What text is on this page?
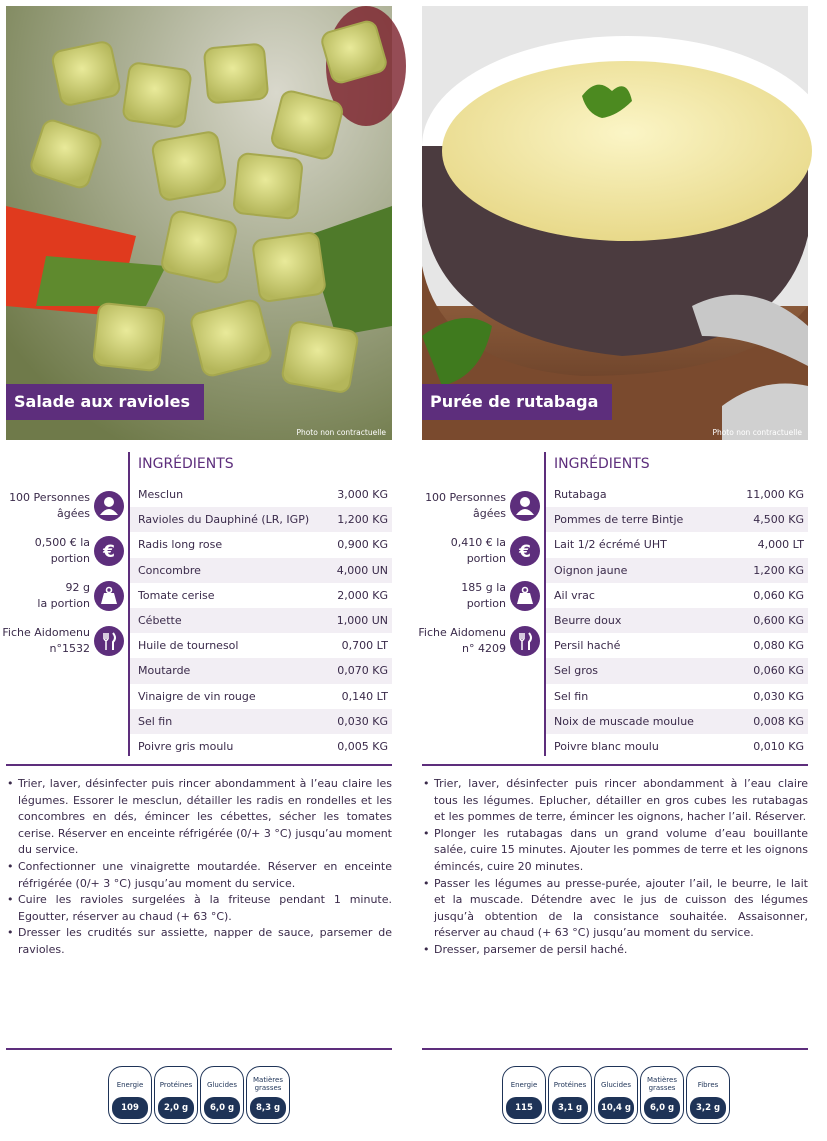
Salade aux ravioles
Photo non contractuelle
100 Personnes
âgées
0,500 € la
portion €
92 g
la portion
Fiche Aidomenu
n°1532
INGRÉDIENTS
Mesclun	3,000 KG
Ravioles du Dauphiné (LR, IGP)	1,200 KG
Radis long rose	0,900 KG
Concombre	4,000 UN
Tomate cerise	2,000 KG
Cébette	1,000 UN
Huile de tournesol	0,700 LT
Moutarde	0,070 KG
Vinaigre de vin rouge	0,140 LT
Sel fin	0,030 KG
Poivre gris moulu	0,005 KG
• Trier, laver, désinfecter puis rincer abondamment à l’eau claire les légumes. Essorer le mesclun, détailler les radis en rondelles et les concombres en dés, émincer les cébettes, sécher les tomates cerise. Réserver en enceinte réfrigérée (0/+ 3 °C) jusqu’au moment du service.
• Confectionner une vinaigrette moutardée. Réserver en enceinte réfrigérée (0/+ 3 °C) jusqu’au moment du service.
• Cuire les ravioles surgelées à la friteuse pendant 1 minute. Egoutter, réserver au chaud (+ 63 °C).
• Dresser les crudités sur assiette, napper de sauce, parsemer de ravioles.
Energie
109 kcal
Protéines
2,0 g
Glucides
6,0 g
Matières
grasses
8,3 g
Purée de rutabaga
Photo non contractuelle
100 Personnes
âgées
0,410 € la
portion €
185 g la
portion
Fiche Aidomenu
n° 4209
INGRÉDIENTS
Rutabaga	11,000 KG
Pommes de terre Bintje	4,500 KG
Lait 1/2 écrémé UHT	4,000 LT
Oignon jaune	1,200 KG
Ail vrac	0,060 KG
Beurre doux	0,600 KG
Persil haché	0,080 KG
Sel gros	0,060 KG
Sel fin	0,030 KG
Noix de muscade moulue	0,008 KG
Poivre blanc moulu	0,010 KG
• Trier, laver, désinfecter puis rincer abondamment à l’eau claire tous les légumes. Eplucher, détailler en gros cubes les rutabagas et les pommes de terre, émincer les oignons, hacher l’ail. Réserver.
• Plonger les rutabagas dans un grand volume d’eau bouillante salée, cuire 15 minutes. Ajouter les pommes de terre et les oignons émincés, cuire 20 minutes.
• Passer les légumes au presse-purée, ajouter l’ail, le beurre, le lait et la muscade. Détendre avec le jus de cuisson des légumes jusqu’à obtention de la consistance souhaitée. Assaisonner, réserver au chaud (+ 63 °C) jusqu’au moment du service.
• Dresser, parsemer de persil haché.
Energie
115 kcal
Protéines
3,1 g
Glucides
10,4 g
Matières
grasses
6,0 g
Fibres
3,2 g
